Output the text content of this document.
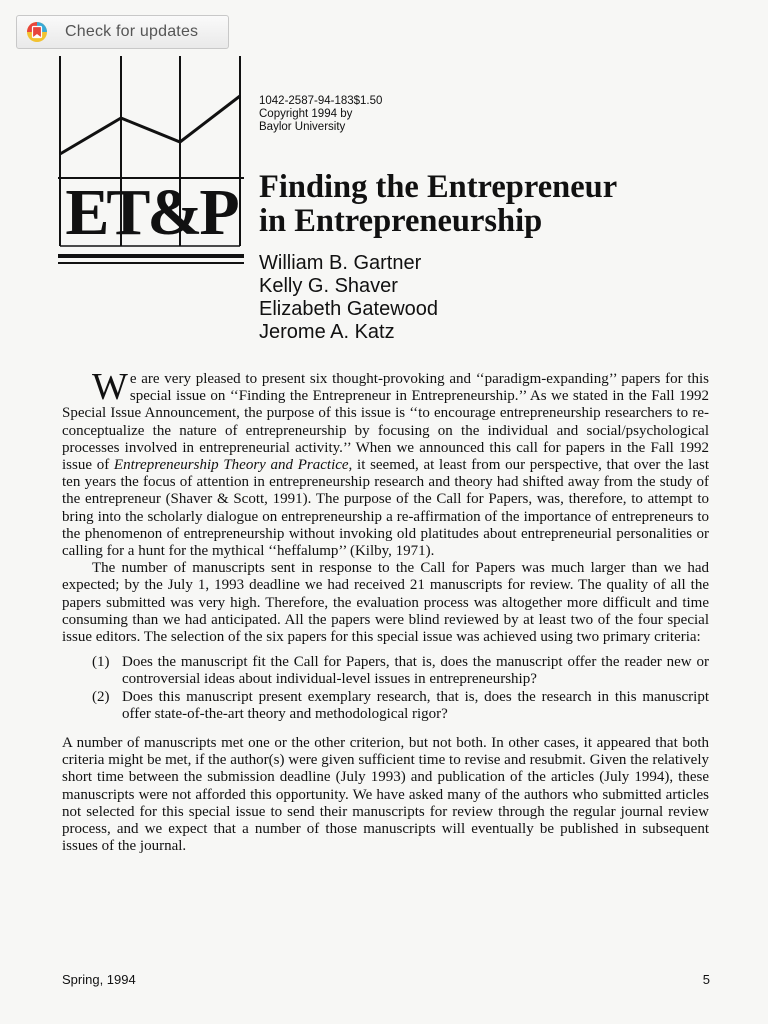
Check for updates
ET&P
1042-2587-94-183$1.50
Copyright 1994 by
Baylor University
Finding the Entrepreneur
in Entrepreneurship
William B. Gartner
Kelly G. Shaver
Elizabeth Gatewood
Jerome A. Katz

We are very pleased to present six thought-provoking and ‘‘paradigm-expanding’’ papers for this special issue on ‘‘Finding the Entrepreneur in Entrepreneurship.’’ As we stated in the Fall 1992 Special Issue Announcement, the purpose of this issue is ‘‘to encourage entrepreneurship researchers to re-conceptualize the nature of entrepreneurship by focusing on the individual and social/psychological processes involved in entrepreneurial activity.’’ When we announced this call for papers in the Fall 1992 issue of Entrepreneurship Theory and Practice, it seemed, at least from our perspective, that over the last ten years the focus of attention in entrepreneurship research and theory had shifted away from the study of the entrepreneur (Shaver & Scott, 1991). The purpose of the Call for Papers, was, therefore, to attempt to bring into the scholarly dialogue on entrepreneurship a re-affirmation of the importance of entrepreneurs to the phenomenon of entrepreneurship without invoking old platitudes about entrepreneurial personalities or calling for a hunt for the mythical ‘‘heffalump’’ (Kilby, 1971).

The number of manuscripts sent in response to the Call for Papers was much larger than we had expected; by the July 1, 1993 deadline we had received 21 manuscripts for review. The quality of all the papers submitted was very high. Therefore, the evaluation process was altogether more difficult and time consuming than we had anticipated. All the papers were blind reviewed by at least two of the four special issue editors. The selection of the six papers for this special issue was achieved using two primary criteria:

(1) Does the manuscript fit the Call for Papers, that is, does the manuscript offer the reader new or controversial ideas about individual-level issues in entrepreneurship?
(2) Does this manuscript present exemplary research, that is, does the research in this manuscript offer state-of-the-art theory and methodological rigor?

A number of manuscripts met one or the other criterion, but not both. In other cases, it appeared that both criteria might be met, if the author(s) were given sufficient time to revise and resubmit. Given the relatively short time between the submission deadline (July 1993) and publication of the articles (July 1994), these manuscripts were not afforded this opportunity. We have asked many of the authors who submitted articles not selected for this special issue to send their manuscripts for review through the regular journal review process, and we expect that a number of those manuscripts will eventually be published in subsequent issues of the journal.

Spring, 1994	5
